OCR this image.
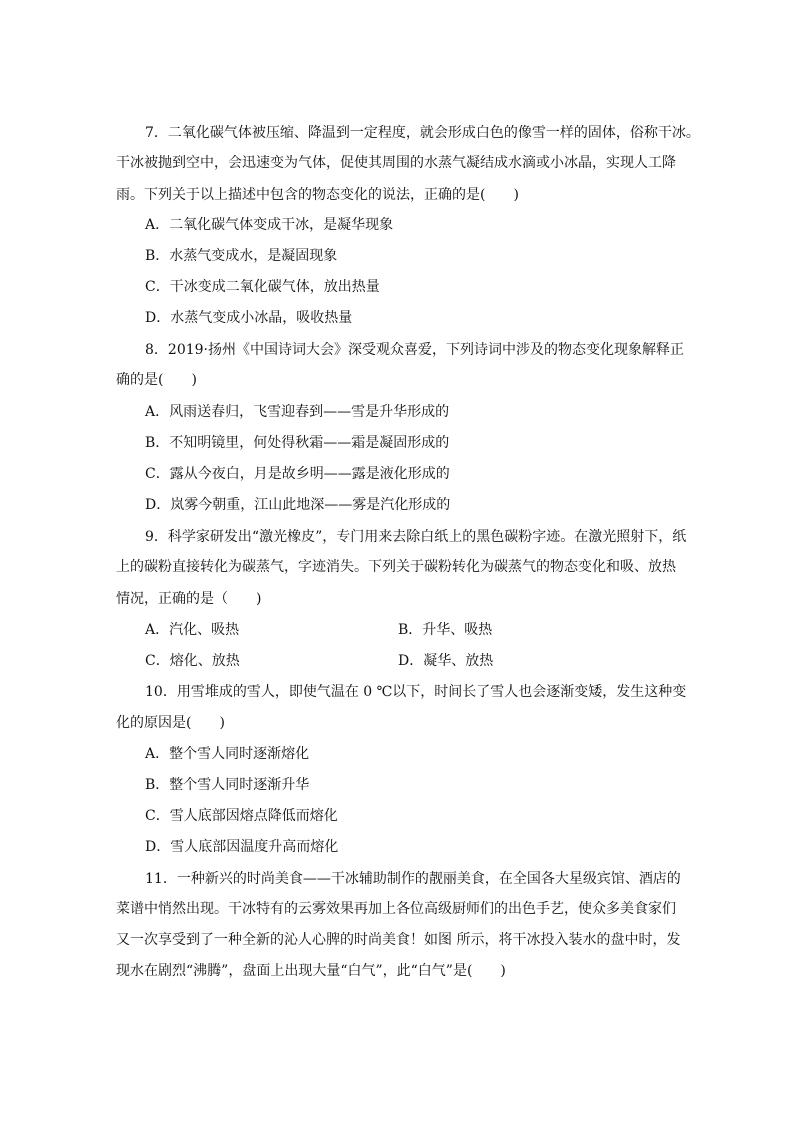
7．二氧化碳气体被压缩、降温到一定程度，就会形成白色的像雪一样的固体，俗称干冰。
干冰被抛到空中，会迅速变为气体，促使其周围的水蒸气凝结成水滴或小冰晶，实现人工降
雨。下列关于以上描述中包含的物态变化的说法，正确的是(　　)
A．二氧化碳气体变成干冰，是凝华现象
B．水蒸气变成水，是凝固现象
C．干冰变成二氧化碳气体，放出热量
D．水蒸气变成小冰晶，吸收热量
8．2019·扬州《中国诗词大会》深受观众喜爱，下列诗词中涉及的物态变化现象解释正
确的是(　　)
A．风雨送春归，飞雪迎春到——雪是升华形成的
B．不知明镜里，何处得秋霜——霜是凝固形成的
C．露从今夜白，月是故乡明——露是液化形成的
D．岚雾今朝重，江山此地深——雾是汽化形成的
9．科学家研发出“激光橡皮”，专门用来去除白纸上的黑色碳粉字迹。在激光照射下，纸
上的碳粉直接转化为碳蒸气，字迹消失。下列关于碳粉转化为碳蒸气的物态变化和吸、放热
情况，正确的是（　　)
A．汽化、吸热	B．升华、吸热
C．熔化、放热	D．凝华、放热
10．用雪堆成的雪人，即使气温在 0 ℃以下，时间长了雪人也会逐渐变矮，发生这种变
化的原因是(　　)
A．整个雪人同时逐渐熔化
B．整个雪人同时逐渐升华
C．雪人底部因熔点降低而熔化
D．雪人底部因温度升高而熔化
11．一种新兴的时尚美食——干冰辅助制作的靓丽美食，在全国各大星级宾馆、酒店的
菜谱中悄然出现。干冰特有的云雾效果再加上各位高级厨师们的出色手艺，使众多美食家们
又一次享受到了一种全新的沁人心脾的时尚美食！如图 所示，将干冰投入装水的盘中时，发
现水在剧烈“沸腾”，盘面上出现大量“白气”，此“白气”是(　　)
